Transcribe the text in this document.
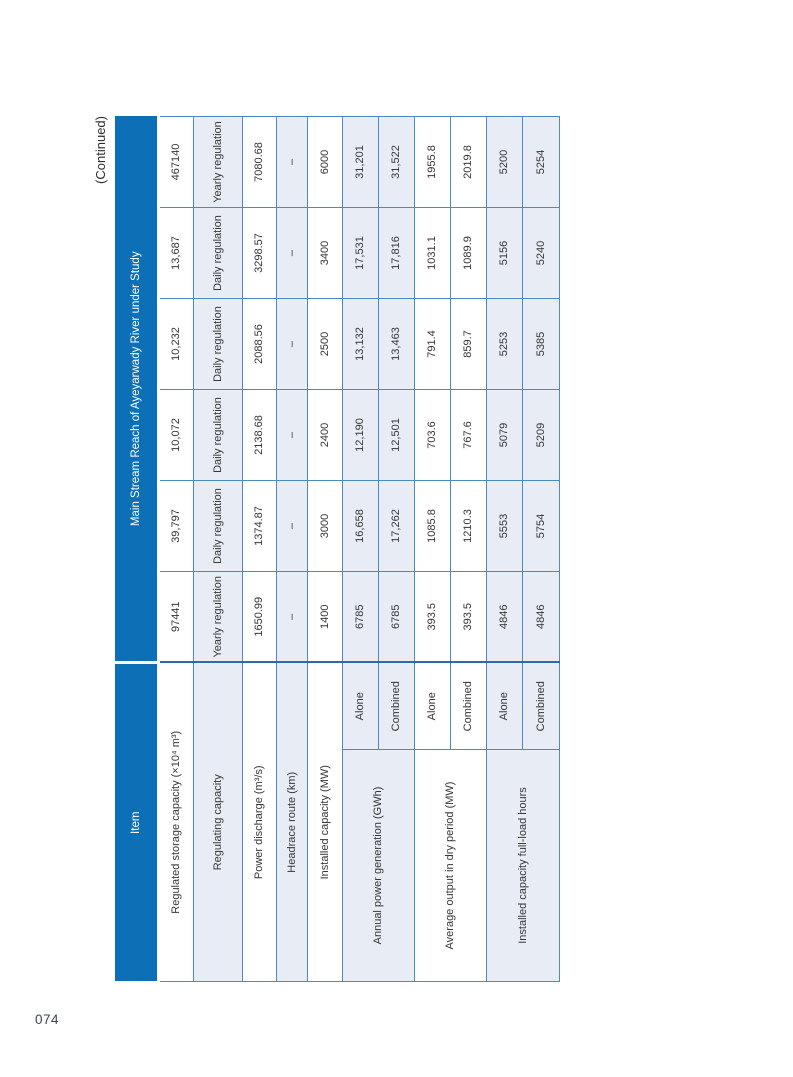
(Continued)
Item		Main Stream Reach of Ayeyarwady River under Study					
Regulated storage capacity (×10⁴ m³)		97441	39,797	10,072	10,232	13,687	467140
Regulating capacity		Yearly regulation	Daily regulation	Daily regulation	Daily regulation	Daily regulation	Yearly regulation
Power discharge (m³/s)		1650.99	1374.87	2138.68	2088.56	3298.57	7080.68
Headrace route (km)		–	–	–	–	–	–
Installed capacity (MW)		1400	3000	2400	2500	3400	6000
Annual power generation (GWh)	Alone	6785	16,658	12,190	13,132	17,531	31,201
	Combined	6785	17,262	12,501	13,463	17,816	31,522
Average output in dry period (MW)	Alone	393.5	1085.8	703.6	791.4	1031.1	1955.8
	Combined	393.5	1210.3	767.6	859.7	1089.9	2019.8
Installed capacity full-load hours	Alone	4846	5553	5079	5253	5156	5200
	Combined	4846	5754	5209	5385	5240	5254
074
